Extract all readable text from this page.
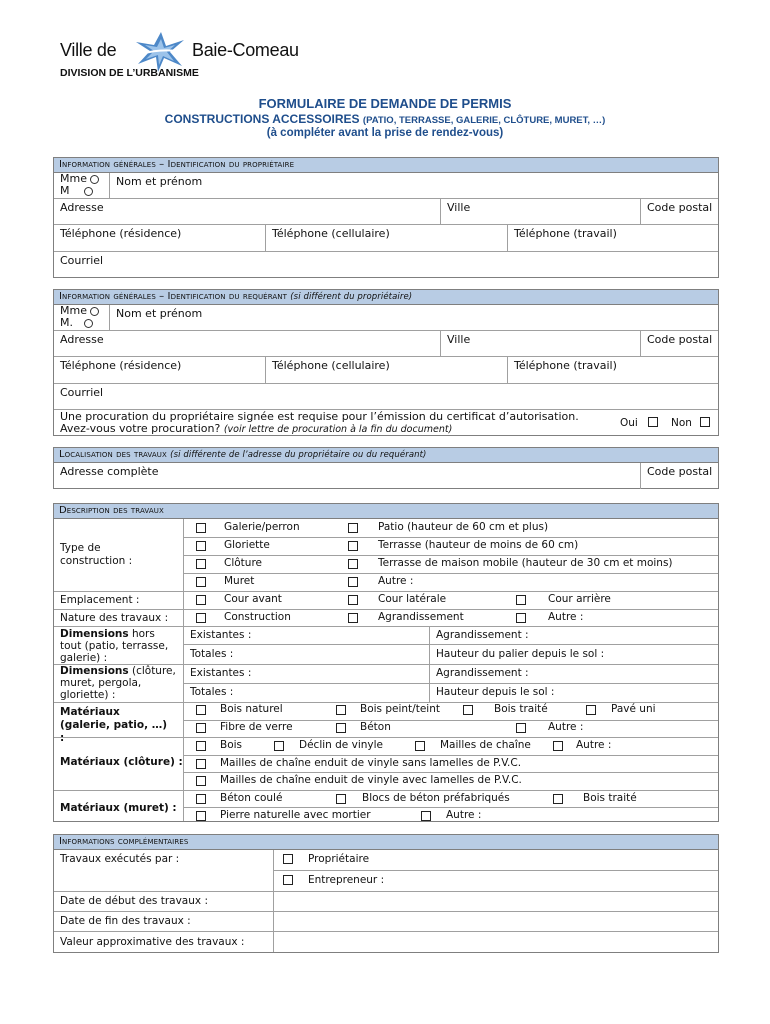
Ville de	Baie-Comeau
DIVISION DE L’URBANISME
FORMULAIRE DE DEMANDE DE PERMIS
CONSTRUCTIONS ACCESSOIRES (PATIO, TERRASSE, GALERIE, CLÔTURE, MURET, …)
(à compléter avant la prise de rendez-vous)
Information générales – Identification du propriétaire
Mme
M
Nom et prénom
Adresse	Ville	Code postal
Téléphone (résidence)	Téléphone (cellulaire)	Téléphone (travail)
Courriel
Information générales – Identification du requérant (si différent du propriétaire)
Mme
M.
Nom et prénom
Adresse	Ville	Code postal
Téléphone (résidence)	Téléphone (cellulaire)	Téléphone (travail)
Courriel
Une procuration du propriétaire signée est requise pour l’émission du certificat d’autorisation.
Avez-vous votre procuration? (voir lettre de procuration à la fin du document)
Oui	Non
Localisation des travaux (si différente de l’adresse du propriétaire ou du requérant)
Adresse complète	Code postal
Description des travaux
Type de construction :
Galerie/perron	Patio (hauteur de 60 cm et plus)
Gloriette	Terrasse (hauteur de moins de 60 cm)
Clôture	Terrasse de maison mobile (hauteur de 30 cm et moins)
Muret	Autre :
Emplacement :	Cour avant	Cour latérale	Cour arrière
Nature des travaux :	Construction	Agrandissement	Autre :
Dimensions hors tout (patio, terrasse, galerie) :
Existantes :	Agrandissement :
Totales :	Hauteur du palier depuis le sol :
Dimensions (clôture, muret, pergola, gloriette) :
Existantes :	Agrandissement :
Totales :	Hauteur depuis le sol :
Matériaux (galerie, patio, …) :
Bois naturel	Bois peint/teint	Bois traité	Pavé uni
Fibre de verre	Béton	Autre :
Matériaux (clôture) :
Bois	Déclin de vinyle	Mailles de chaîne	Autre :
Mailles de chaîne enduit de vinyle sans lamelles de P.V.C.
Mailles de chaîne enduit de vinyle avec lamelles de P.V.C.
Matériaux (muret) :
Béton coulé	Blocs de béton préfabriqués	Bois traité
Pierre naturelle avec mortier	Autre :
Informations complémentaires
Travaux exécutés par :	Propriétaire
Entrepreneur :
Date de début des travaux :
Date de fin des travaux :
Valeur approximative des travaux :
